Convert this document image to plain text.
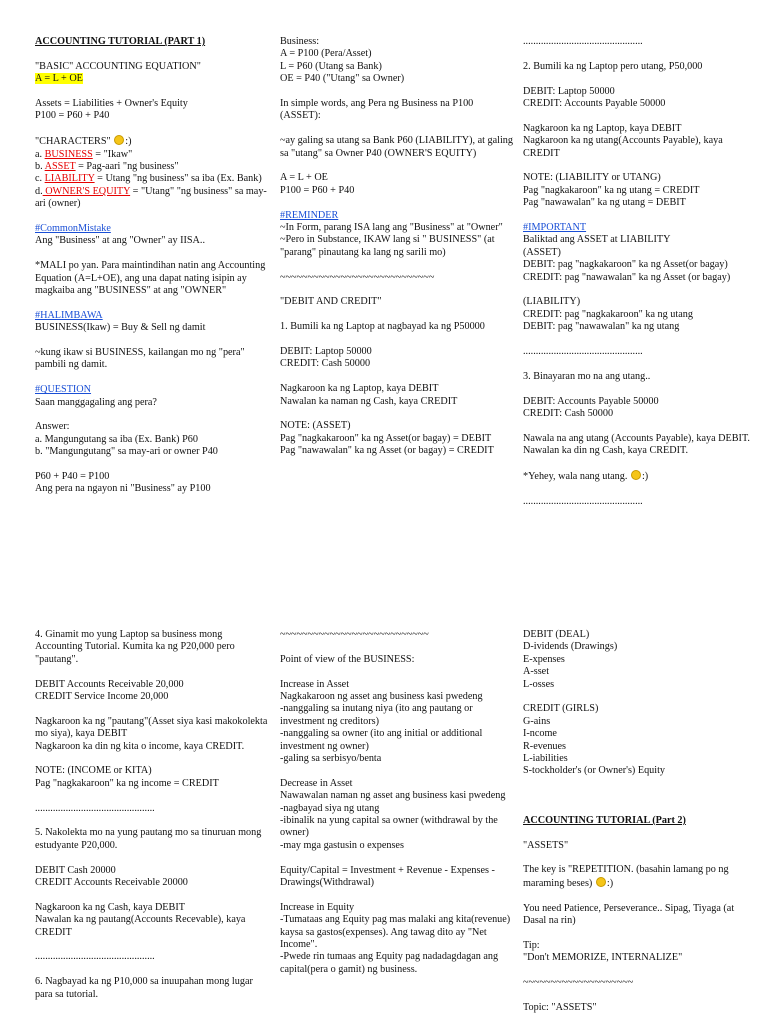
ACCOUNTING TUTORIAL (PART 1)

"BASIC" ACCOUNTING EQUATION"
A = L + OE

Assets = Liabilities + Owner's Equity
P100 = P60 + P40

"CHARACTERS" :)
a. BUSINESS = "Ikaw"
b. ASSET = Pag-aari "ng business"
c. LIABILITY = Utang "ng business" sa iba (Ex. Bank)
d. OWNER'S EQUITY = "Utang" "ng business" sa may-ari (owner)

#CommonMistake
Ang "Business" at ang "Owner" ay IISA..

*MALI po yan. Para maintindihan natin ang Accounting Equation (A=L+OE), ang una dapat nating isipin ay magkaiba ang "BUSINESS" at ang "OWNER"

#HALIMBAWA
BUSINESS(Ikaw) = Buy & Sell ng damit

~kung ikaw si BUSINESS, kailangan mo ng "pera" pambili ng damit.

#QUESTION
Saan manggagaling ang pera?

Answer:
a. Mangungutang sa iba (Ex. Bank) P60
b. "Mangungutang" sa may-ari or owner P40

P60 + P40 = P100
Ang pera na ngayon ni "Business" ay P100

Business:
A = P100 (Pera/Asset)
L = P60 (Utang sa Bank)
OE = P40 ("Utang" sa Owner)

In simple words, ang Pera ng Business na P100 (ASSET):

~ay galing sa utang sa Bank P60 (LIABILITY), at galing sa "utang" sa Owner P40 (OWNER'S EQUITY)

A = L + OE
P100 = P60 + P40

#REMINDER
~In Form, parang ISA lang ang "Business" at "Owner"
~Pero in Substance, IKAW lang si " BUSINESS" (at "parang" pinautang ka lang ng sarili mo)

~~~~~~~~~~~~~~~~~~~~~~~~~~~~

"DEBIT AND CREDIT"

1. Bumili ka ng Laptop at nagbayad ka ng P50000

DEBIT: Laptop 50000
CREDIT: Cash 50000

Nagkaroon ka ng Laptop, kaya DEBIT
Nawalan ka naman ng Cash, kaya CREDIT

NOTE: (ASSET)
Pag "nagkakaroon" ka ng Asset(or bagay) = DEBIT
Pag "nawawalan" ka ng Asset (or bagay) = CREDIT

...............................................

2. Bumili ka ng Laptop pero utang, P50,000

DEBIT: Laptop 50000
CREDIT: Accounts Payable 50000

Nagkaroon ka ng Laptop, kaya DEBIT
Nagkaroon ka ng utang(Accounts Payable), kaya CREDIT

NOTE: (LIABILITY or UTANG)
Pag "nagkakaroon" ka ng utang = CREDIT
Pag "nawawalan" ka ng utang = DEBIT

#IMPORTANT
Baliktad ang ASSET at LIABILITY
(ASSET)
DEBIT: pag "nagkakaroon" ka ng Asset(or bagay)
CREDIT: pag "nawawalan" ka ng Asset (or bagay)

(LIABILITY)
CREDIT: pag "nagkakaroon" ka ng utang
DEBIT: pag "nawawalan" ka ng utang

...............................................

3. Binayaran mo na ang utang..

DEBIT: Accounts Payable 50000
CREDIT: Cash 50000

Nawala na ang utang (Accounts Payable), kaya DEBIT.
Nawalan ka din ng Cash, kaya CREDIT.

*Yehey, wala nang utang. :)

...............................................

4. Ginamit mo yung Laptop sa business mong Accounting Tutorial. Kumita ka ng P20,000 pero "pautang".

DEBIT Accounts Receivable 20,000
CREDIT Service Income 20,000

Nagkaroon ka ng "pautang"(Asset siya kasi makokolekta mo siya), kaya DEBIT
Nagkaroon ka din ng kita o income, kaya CREDIT.

NOTE: (INCOME or KITA)
Pag "nagkakaroon" ka ng income = CREDIT

...............................................

5. Nakolekta mo na yung pautang mo sa tinuruan mong estudyante P20,000.

DEBIT Cash 20000
CREDIT Accounts Receivable 20000

Nagkaroon ka ng Cash, kaya DEBIT
Nawalan ka ng pautang(Accounts Recevable), kaya CREDIT

...............................................

6. Nagbayad ka ng P10,000 sa inuupahan mong lugar para sa tutorial.

~~~~~~~~~~~~~~~~~~~~~~~~~~~

Point of view of the BUSINESS:

Increase in Asset
Nagkakaroon ng asset ang business kasi pwedeng
-nanggaling sa inutang niya (ito ang pautang or investment ng creditors)
-nanggaling sa owner (ito ang initial or additional investment ng owner)
-galing sa serbisyo/benta

Decrease in Asset
Nawawalan naman ng asset ang business kasi pwedeng
-nagbayad siya ng utang
-ibinalik na yung capital sa owner (withdrawal by the owner)
-may mga gastusin o expenses

Equity/Capital = Investment + Revenue - Expenses - Drawings(Withdrawal)

Increase in Equity
-Tumataas ang Equity pag mas malaki ang kita(revenue) kaysa sa gastos(expenses). Ang tawag dito ay "Net Income".
-Pwede rin tumaas ang Equity pag nadadagdagan ang capital(pera o gamit) ng business.

DEBIT (DEAL)
D-ividends (Drawings)
E-xpenses
A-sset
L-osses

CREDIT (GIRLS)
G-ains
I-ncome
R-evenues
L-iabilities
S-tockholder's (or Owner's) Equity

ACCOUNTING TUTORIAL (Part 2)

"ASSETS"

The key is "REPETITION. (basahin lamang po ng maraming beses) :)

You need Patience, Perseverance.. Sipag, Tiyaga (at Dasal na rin)

Tip:
"Don't MEMORIZE, INTERNALIZE"

~~~~~~~~~~~~~~~~~~~~

Topic: "ASSETS"
